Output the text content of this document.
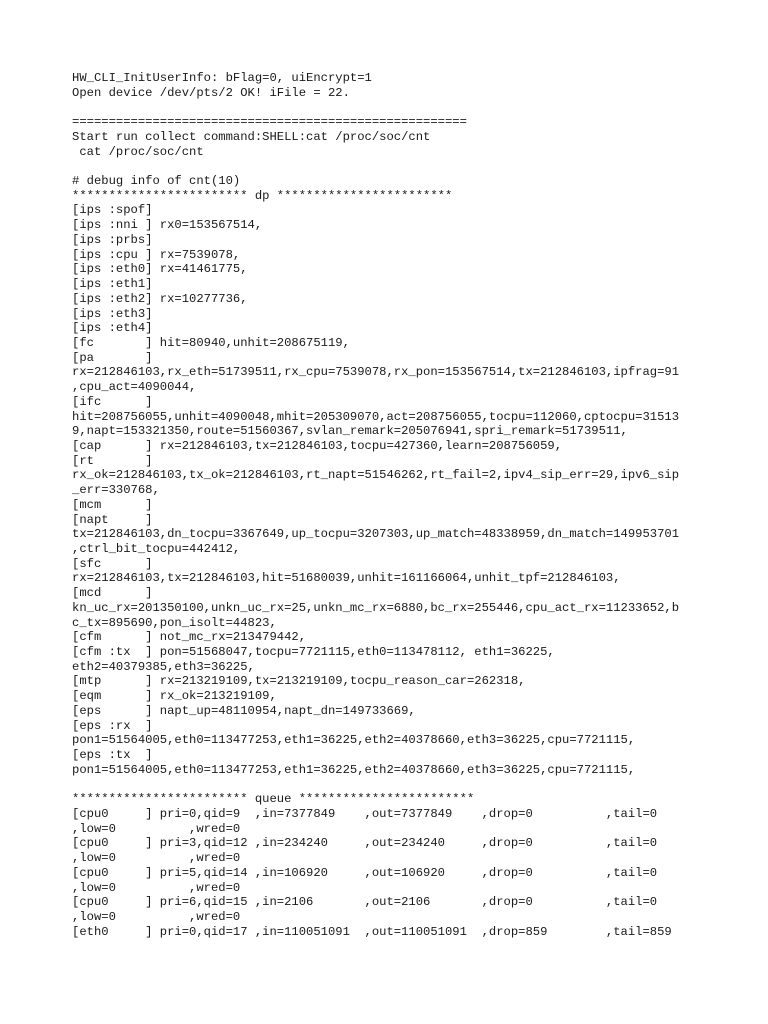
HW_CLI_InitUserInfo: bFlag=0, uiEncrypt=1
Open device /dev/pts/2 OK! iFile = 22.
======================================================
Start run collect command:SHELL:cat /proc/soc/cnt
cat /proc/soc/cnt
# debug info of cnt(10)
************************ dp ************************
[ips :spof]
[ips :nni ] rx0=153567514,
[ips :prbs]
[ips :cpu ] rx=7539078,
[ips :eth0] rx=41461775,
[ips :eth1]
[ips :eth2] rx=10277736,
[ips :eth3]
[ips :eth4]
[fc       ] hit=80940,unhit=208675119,
[pa       ]
rx=212846103,rx_eth=51739511,rx_cpu=7539078,rx_pon=153567514,tx=212846103,ipfrag=91
,cpu_act=4090044,
[ifc      ]
hit=208756055,unhit=4090048,mhit=205309070,act=208756055,tocpu=112060,cptocpu=31513
9,napt=153321350,route=51560367,svlan_remark=205076941,spri_remark=51739511,
[cap      ] rx=212846103,tx=212846103,tocpu=427360,learn=208756059,
[rt       ]
rx_ok=212846103,tx_ok=212846103,rt_napt=51546262,rt_fail=2,ipv4_sip_err=29,ipv6_sip
_err=330768,
[mcm      ]
[napt     ]
tx=212846103,dn_tocpu=3367649,up_tocpu=3207303,up_match=48338959,dn_match=149953701
,ctrl_bit_tocpu=442412,
[sfc      ]
rx=212846103,tx=212846103,hit=51680039,unhit=161166064,unhit_tpf=212846103,
[mcd      ]
kn_uc_rx=201350100,unkn_uc_rx=25,unkn_mc_rx=6880,bc_rx=255446,cpu_act_rx=11233652,b
c_tx=895690,pon_isolt=44823,
[cfm      ] not_mc_rx=213479442,
[cfm :tx  ] pon=51568047,tocpu=7721115,eth0=113478112, eth1=36225,
eth2=40379385,eth3=36225,
[mtp      ] rx=213219109,tx=213219109,tocpu_reason_car=262318,
[eqm      ] rx_ok=213219109,
[eps      ] napt_up=48110954,napt_dn=149733669,
[eps :rx  ]
pon1=51564005,eth0=113477253,eth1=36225,eth2=40378660,eth3=36225,cpu=7721115,
[eps :tx  ]
pon1=51564005,eth0=113477253,eth1=36225,eth2=40378660,eth3=36225,cpu=7721115,
************************ queue ************************
[cpu0     ] pri=0,qid=9  ,in=7377849    ,out=7377849    ,drop=0          ,tail=0
,low=0          ,wred=0
[cpu0     ] pri=3,qid=12 ,in=234240     ,out=234240     ,drop=0          ,tail=0
,low=0          ,wred=0
[cpu0     ] pri=5,qid=14 ,in=106920     ,out=106920     ,drop=0          ,tail=0
,low=0          ,wred=0
[cpu0     ] pri=6,qid=15 ,in=2106       ,out=2106       ,drop=0          ,tail=0
,low=0          ,wred=0
[eth0     ] pri=0,qid=17 ,in=110051091  ,out=110051091  ,drop=859        ,tail=859
